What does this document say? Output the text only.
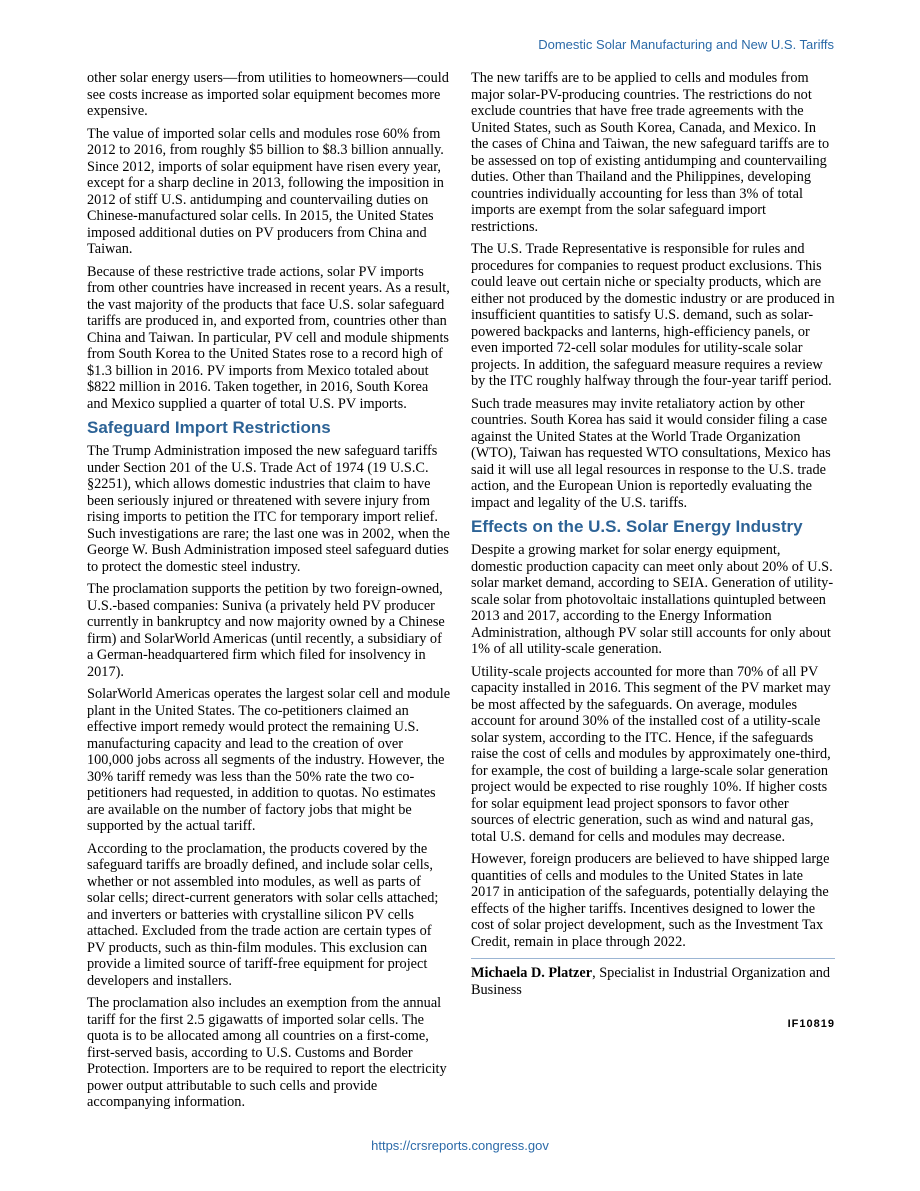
Domestic Solar Manufacturing and New U.S. Tariffs

other solar energy users—from utilities to homeowners—could see costs increase as imported solar equipment becomes more expensive.

The value of imported solar cells and modules rose 60% from 2012 to 2016, from roughly $5 billion to $8.3 billion annually. Since 2012, imports of solar equipment have risen every year, except for a sharp decline in 2013, following the imposition in 2012 of stiff U.S. antidumping and countervailing duties on Chinese-manufactured solar cells. In 2015, the United States imposed additional duties on PV producers from China and Taiwan.

Because of these restrictive trade actions, solar PV imports from other countries have increased in recent years. As a result, the vast majority of the products that face U.S. solar safeguard tariffs are produced in, and exported from, countries other than China and Taiwan. In particular, PV cell and module shipments from South Korea to the United States rose to a record high of $1.3 billion in 2016. PV imports from Mexico totaled about $822 million in 2016. Taken together, in 2016, South Korea and Mexico supplied a quarter of total U.S. PV imports.

Safeguard Import Restrictions

The Trump Administration imposed the new safeguard tariffs under Section 201 of the U.S. Trade Act of 1974 (19 U.S.C. §2251), which allows domestic industries that claim to have been seriously injured or threatened with severe injury from rising imports to petition the ITC for temporary import relief. Such investigations are rare; the last one was in 2002, when the George W. Bush Administration imposed steel safeguard duties to protect the domestic steel industry.

The proclamation supports the petition by two foreign-owned, U.S.-based companies: Suniva (a privately held PV producer currently in bankruptcy and now majority owned by a Chinese firm) and SolarWorld Americas (until recently, a subsidiary of a German-headquartered firm which filed for insolvency in 2017).

SolarWorld Americas operates the largest solar cell and module plant in the United States. The co-petitioners claimed an effective import remedy would protect the remaining U.S. manufacturing capacity and lead to the creation of over 100,000 jobs across all segments of the industry. However, the 30% tariff remedy was less than the 50% rate the two co-petitioners had requested, in addition to quotas. No estimates are available on the number of factory jobs that might be supported by the actual tariff.

According to the proclamation, the products covered by the safeguard tariffs are broadly defined, and include solar cells, whether or not assembled into modules, as well as parts of solar cells; direct-current generators with solar cells attached; and inverters or batteries with crystalline silicon PV cells attached. Excluded from the trade action are certain types of PV products, such as thin-film modules. This exclusion can provide a limited source of tariff-free equipment for project developers and installers.

The proclamation also includes an exemption from the annual tariff for the first 2.5 gigawatts of imported solar cells. The quota is to be allocated among all countries on a first-come, first-served basis, according to U.S. Customs and Border Protection. Importers are to be required to report the electricity power output attributable to such cells and provide accompanying information.

The new tariffs are to be applied to cells and modules from major solar-PV-producing countries. The restrictions do not exclude countries that have free trade agreements with the United States, such as South Korea, Canada, and Mexico. In the cases of China and Taiwan, the new safeguard tariffs are to be assessed on top of existing antidumping and countervailing duties. Other than Thailand and the Philippines, developing countries individually accounting for less than 3% of total imports are exempt from the solar safeguard import restrictions.

The U.S. Trade Representative is responsible for rules and procedures for companies to request product exclusions. This could leave out certain niche or specialty products, which are either not produced by the domestic industry or are produced in insufficient quantities to satisfy U.S. demand, such as solar-powered backpacks and lanterns, high-efficiency panels, or even imported 72-cell solar modules for utility-scale solar projects. In addition, the safeguard measure requires a review by the ITC roughly halfway through the four-year tariff period.

Such trade measures may invite retaliatory action by other countries. South Korea has said it would consider filing a case against the United States at the World Trade Organization (WTO), Taiwan has requested WTO consultations, Mexico has said it will use all legal resources in response to the U.S. trade action, and the European Union is reportedly evaluating the impact and legality of the U.S. tariffs.

Effects on the U.S. Solar Energy Industry

Despite a growing market for solar energy equipment, domestic production capacity can meet only about 20% of U.S. solar market demand, according to SEIA. Generation of utility-scale solar from photovoltaic installations quintupled between 2013 and 2017, according to the Energy Information Administration, although PV solar still accounts for only about 1% of all utility-scale generation.

Utility-scale projects accounted for more than 70% of all PV capacity installed in 2016. This segment of the PV market may be most affected by the safeguards. On average, modules account for around 30% of the installed cost of a utility-scale solar system, according to the ITC. Hence, if the safeguards raise the cost of cells and modules by approximately one-third, for example, the cost of building a large-scale solar generation project would be expected to rise roughly 10%. If higher costs for solar equipment lead project sponsors to favor other sources of electric generation, such as wind and natural gas, total U.S. demand for cells and modules may decrease.

However, foreign producers are believed to have shipped large quantities of cells and modules to the United States in late 2017 in anticipation of the safeguards, potentially delaying the effects of the higher tariffs. Incentives designed to lower the cost of solar project development, such as the Investment Tax Credit, remain in place through 2022.

Michaela D. Platzer, Specialist in Industrial Organization and Business

IF10819
https://crsreports.congress.gov
